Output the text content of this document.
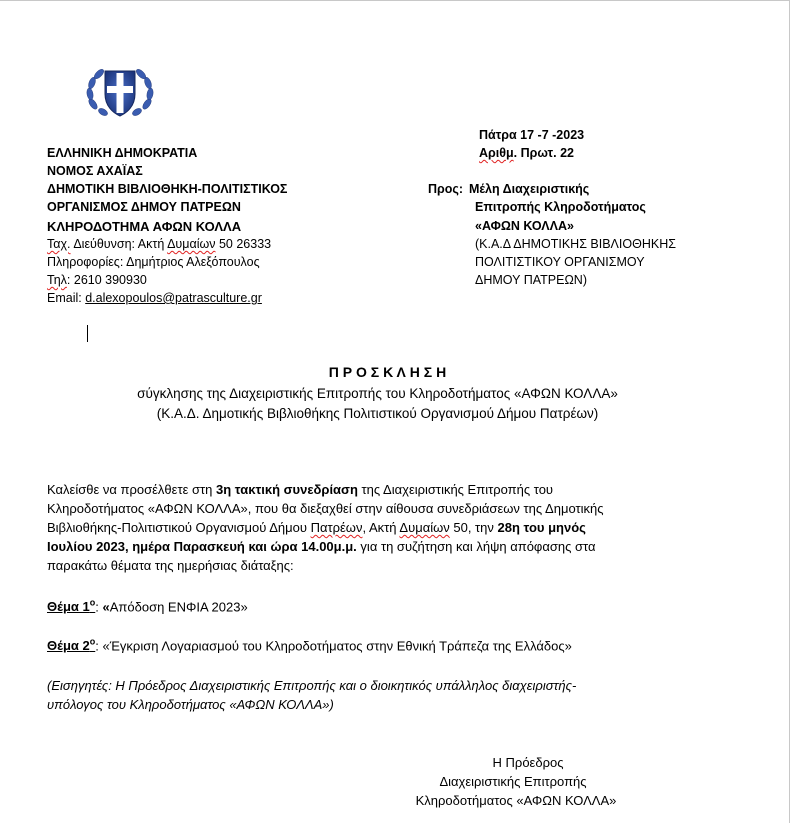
ΕΛΛΗΝΙΚΗ ΔΗΜΟΚΡΑΤΙΑ
ΝΟΜΟΣ ΑΧΑΪΑΣ
ΔΗΜΟΤΙΚΗ ΒΙΒΛΙΟΘΗΚΗ-ΠΟΛΙΤΙΣΤΙΚΟΣ
ΟΡΓΑΝΙΣΜΟΣ ΔΗΜΟΥ ΠΑΤΡΕΩΝ
ΚΛΗΡΟΔΟΤΗΜΑ ΑΦΩΝ ΚΟΛΛΑ
Ταχ. Διεύθυνση: Ακτή Δυμαίων 50 26333
Πληροφορίες: Δημήτριος Αλεξόπουλος
Τηλ: 2610 390930
Email: d.alexopoulos@patrasculture.gr
Πάτρα 17 -7 -2023
Αριθμ. Πρωτ. 22
Προς: Μέλη Διαχειριστικής
Επιτροπής Κληροδοτήματος
«ΑΦΩΝ ΚΟΛΛΑ»
(Κ.Α.Δ ΔΗΜΟΤΙΚΗΣ ΒΙΒΛΙΟΘΗΚΗΣ
ΠΟΛΙΤΙΣΤΙΚΟΥ ΟΡΓΑΝΙΣΜΟΥ
ΔΗΜΟΥ ΠΑΤΡΕΩΝ)
Π Ρ Ο Σ Κ Λ Η Σ Η
σύγκλησης της Διαχειριστικής Επιτροπής του Κληροδοτήματος «ΑΦΩΝ ΚΟΛΛΑ»
(Κ.Α.Δ. Δημοτικής Βιβλιοθήκης Πολιτιστικού Οργανισμού Δήμου Πατρέων)
Καλείσθε να προσέλθετε στη 3η τακτική συνεδρίαση της Διαχειριστικής Επιτροπής του
Κληροδοτήματος «ΑΦΩΝ ΚΟΛΛΑ», που θα διεξαχθεί στην αίθουσα συνεδριάσεων της Δημοτικής
Βιβλιοθήκης-Πολιτιστικού Οργανισμού Δήμου Πατρέων, Ακτή Δυμαίων 50, την 28η του μηνός
Ιουλίου 2023, ημέρα Παρασκευή και ώρα 14.00μ.μ. για τη συζήτηση και λήψη απόφασης στα
παρακάτω θέματα της ημερήσιας διάταξης:
Θέμα $1^o$: «Απόδοση ΕΝΦΙΑ 2023»
Θέμα $2^o$: «Έγκριση Λογαριασμού του Κληροδοτήματος στην Εθνική Τράπεζα της Ελλάδος»
(Εισηγητές: Η Πρόεδρος Διαχειριστικής Επιτροπής και ο διοικητικός υπάλληλος διαχειριστής-
υπόλογος του Κληροδοτήματος «ΑΦΩΝ ΚΟΛΛΑ»)
Η Πρόεδρος
Διαχειριστικής Επιτροπής
Κληροδοτήματος «ΑΦΩΝ ΚΟΛΛΑ»
